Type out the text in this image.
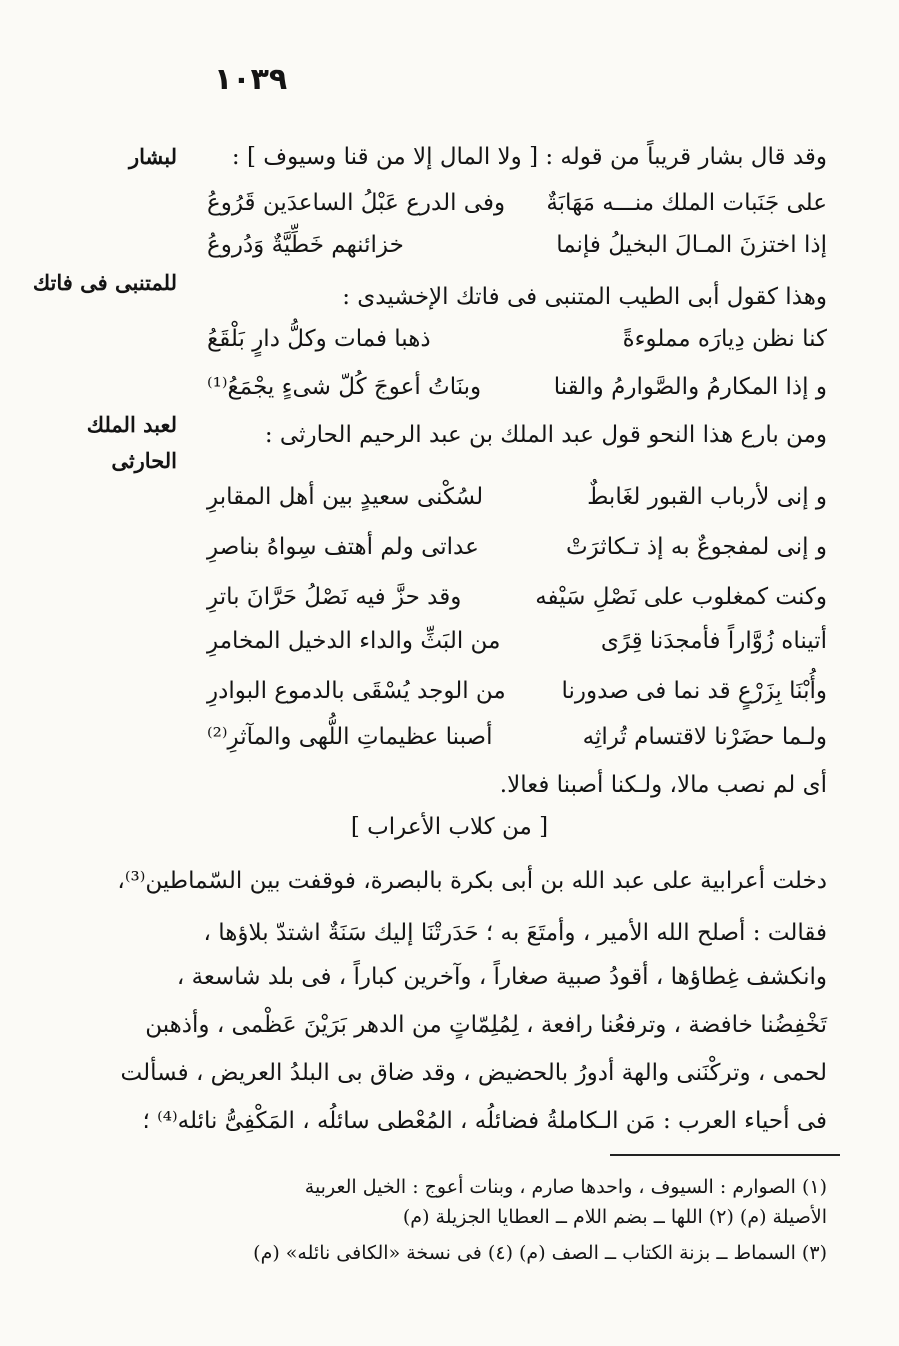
١٠٣٩
لبشار
للمتنبى فى فاتك
لعبد الملك
الحارثى
وقد قال بشار قريباً من قوله : [ ولا المال إلا من قنا وسيوف ] :
على جَنَبات الملك منـــه مَهَابَةٌ
وفى الدرع عَبْلُ الساعدَين قَرُوعُ
إذا اختزنَ المـالَ البخيلُ فإنما
خزائنهم خَطِّيَّةٌ وَدُروعُ
وهذا كقول أبى الطيب المتنبى فى فاتك الإخشيدى :
كنا نظن دِيارَه مملوءةً
ذهبا فمات وكلُّ دارٍ بَلْقَعُ
و إذا المكارمُ والصَّوارمُ والقنا
وبنَاتُ أعوجَ كُلّ شىءٍ يجْمَعُ⁽¹⁾
ومن بارع هذا النحو قول عبد الملك بن عبد الرحيم الحارثى :
و إنى لأرباب القبور لغَابطٌ
لسُكْنى سعيدٍ بين أهل المقابرِ
و إنى لمفجوعٌ به إذ تـكاثرَتْ
عداتى ولم أهتف سِواهُ بناصرِ
وكنت كمغلوب على نَصْلِ سَيْفه
وقد حزَّ فيه نَصْلُ حَرَّانَ باترِ
أتيناه زُوَّاراً فأمجدَنا قِرًى
من البَثِّ والداء الدخيل المخامرِ
وأُبْنَا بِزَرْعٍ قد نما فى صدورنا
من الوجد يُسْقَى بالدموع البوادرِ
ولـما حضَرْنا لاقتسام تُراثِه
أصبنا عظيماتِ اللُّهى والمآثرِ⁽²⁾
أى لم نصب مالا، ولـكنا أصبنا فعالا.
[ من كلاب الأعراب ]
دخلت أعرابية على عبد الله بن أبى بكرة بالبصرة، فوقفت بين السّماطين⁽³⁾،
فقالت : أصلح الله الأمير ، وأمتَعَ به ؛ حَدَرتْنَا إليك سَنَةٌ اشتدّ بلاؤها ،
وانكشف غِطاؤها ، أقودُ صبية صغاراً ، وآخرين كباراً ، فى بلد شاسعة ،
تَخْفِضُنا خافضة ، وترفعُنا رافعة ، لِمُلِمّاتٍ من الدهر بَرَيْنَ عَظْمى ، وأذهبن
لحمى ، وتركْنَنى والهة أدورُ بالحضيض ، وقد ضاق بى البلدُ العريض ، فسألت
فى أحياء العرب : مَن الـكاملةُ فضائلُه ، المُعْطى سائلُه ، المَكْفِىُّ نائله⁽⁴⁾ ؛
(١) الصوارم : السيوف ، واحدها صارم ، وبنات أعوج : الخيل العربية
الأصيلة (م) (٢) اللها ــ بضم اللام ــ العطايا الجزيلة (م)
(٣) السماط ــ بزنة الكتاب ــ الصف (م) (٤) فى نسخة «الكافى نائله» (م)
